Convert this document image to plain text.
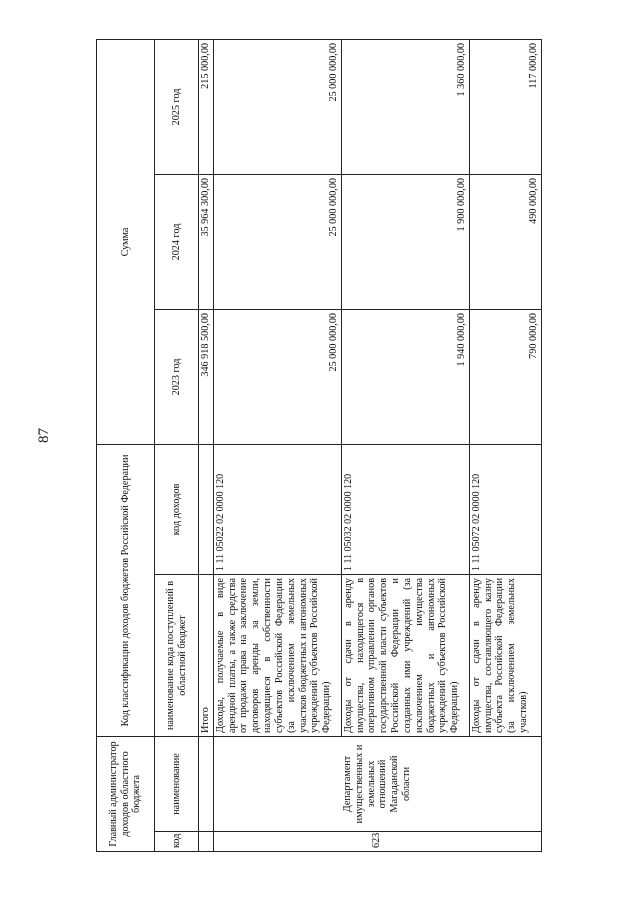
87
Главный администратор доходов областного бюджета		Код классификации доходов бюджетов Российской Федерации		Сумма		
код	наименование	наименование кода поступлений в областной бюджет	код доходов	2023 год	2024 год	2025 год
		Итого		346 918 500,00	35 964 300,00	215 000,00
623	Департамент имущественных и земельных отношений Магаданской области	Доходы, получаемые в виде арендной платы, а также средства от продажи права на заключение договоров аренды за земли, находящиеся в собственности субъектов Российской Федерации (за исключением земельных участков бюджетных и автономных учреждений субъектов Российской Федерации)	1 11 05022 02 0000 120	25 000 000,00	25 000 000,00	25 000 000,00
		Доходы от сдачи в аренду имущества, находящегося в оперативном управлении органов государственной власти субъектов Российской Федерации и созданных ими учреждений (за исключением имущества бюджетных и автономных учреждений субъектов Российской Федерации)	1 11 05032 02 0000 120	1 940 000,00	1 900 000,00	1 360 000,00
		Доходы от сдачи в аренду имущества, составляющего казну субъекта Российской Федерации (за исключением земельных участков)	1 11 05072 02 0000 120	790 000,00	490 000,00	117 000,00
